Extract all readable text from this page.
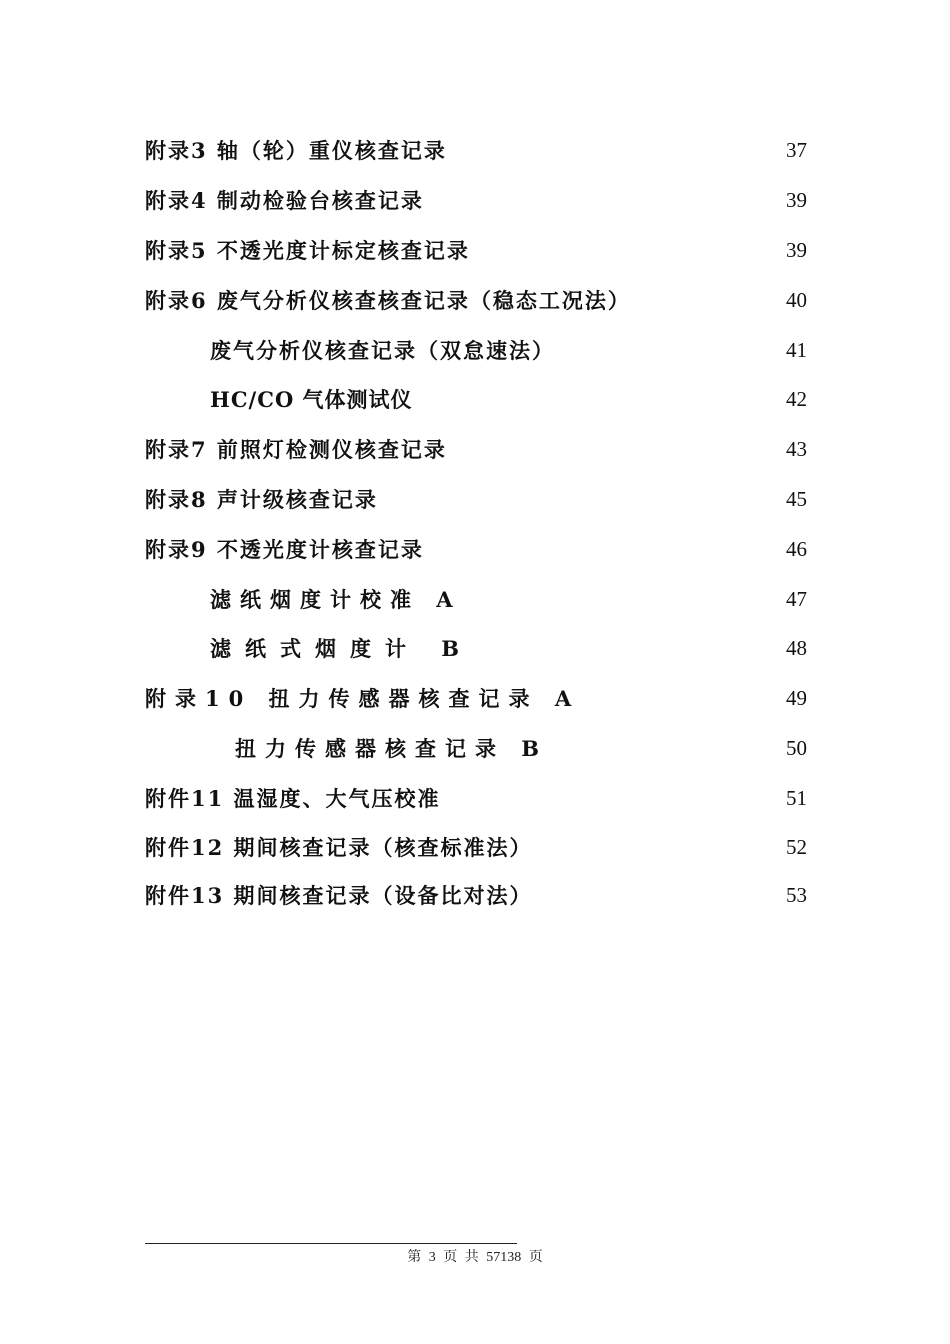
附录3 轴（轮）重仪核查记录	37
附录4 制动检验台核查记录	39
附录5 不透光度计标定核查记录	39
附录6 废气分析仪核查核查记录（稳态工况法）	40
废气分析仪核查记录（双怠速法）	41
HC/CO 气体测试仪	42
附录7 前照灯检测仪核查记录	43
附录8 声计级核查记录	45
附录9 不透光度计核查记录	46
滤纸烟度计校准 A	47
滤纸式烟度计 B	48
附录10 扭力传感器核查记录 A	49
扭力传感器核查记录 B	50
附件11 温湿度、大气压校准	51
附件12 期间核查记录（核查标准法）	52
附件13 期间核查记录（设备比对法）	53
第 3 页 共 57138 页
